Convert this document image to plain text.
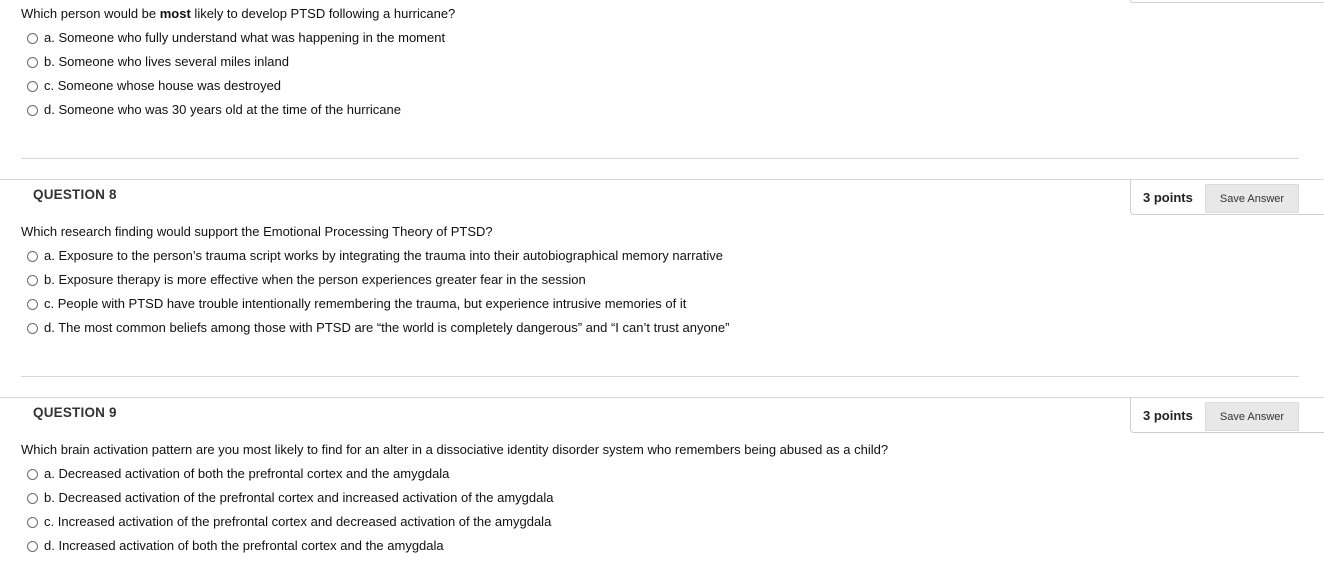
Which person would be most likely to develop PTSD following a hurricane?
a. Someone who fully understand what was happening in the moment
b. Someone who lives several miles inland
c. Someone whose house was destroyed
d. Someone who was 30 years old at the time of the hurricane
QUESTION 8	3 points	Save Answer
Which research finding would support the Emotional Processing Theory of PTSD?
a. Exposure to the person’s trauma script works by integrating the trauma into their autobiographical memory narrative
b. Exposure therapy is more effective when the person experiences greater fear in the session
c. People with PTSD have trouble intentionally remembering the trauma, but experience intrusive memories of it
d. The most common beliefs among those with PTSD are “the world is completely dangerous” and “I can’t trust anyone”
QUESTION 9	3 points	Save Answer
Which brain activation pattern are you most likely to find for an alter in a dissociative identity disorder system who remembers being abused as a child?
a. Decreased activation of both the prefrontal cortex and the amygdala
b. Decreased activation of the prefrontal cortex and increased activation of the amygdala
c. Increased activation of the prefrontal cortex and decreased activation of the amygdala
d. Increased activation of both the prefrontal cortex and the amygdala
